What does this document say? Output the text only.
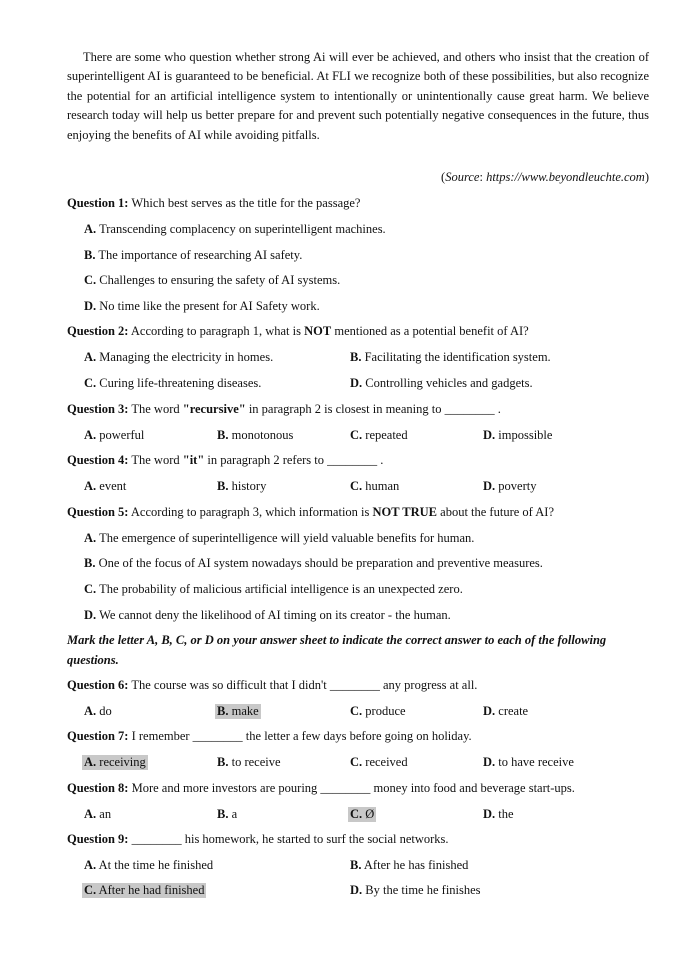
There are some who question whether strong Ai will ever be achieved, and others who insist that the creation of superintelligent AI is guaranteed to be beneficial. At FLI we recognize both of these possibilities, but also recognize the potential for an artificial intelligence system to intentionally or unintentionally cause great harm. We believe research today will help us better prepare for and prevent such potentially negative consequences in the future, thus enjoying the benefits of AI while avoiding pitfalls.

(Source: https://www.beyondleuchte.com)
Question 1: Which best serves as the title for the passage?
A. Transcending complacency on superintelligent machines.
B. The importance of researching AI safety.
C. Challenges to ensuring the safety of AI systems.
D. No time like the present for AI Safety work.
Question 2: According to paragraph 1, what is NOT mentioned as a potential benefit of AI?
A. Managing the electricity in homes.	B. Facilitating the identification system.
C. Curing life-threatening diseases.	D. Controlling vehicles and gadgets.
Question 3: The word "recursive" in paragraph 2 is closest in meaning to ________ .
A. powerful	B. monotonous	C. repeated	D. impossible
Question 4: The word "it" in paragraph 2 refers to ________ .
A. event	B. history	C. human	D. poverty
Question 5: According to paragraph 3, which information is NOT TRUE about the future of AI?
A. The emergence of superintelligence will yield valuable benefits for human.
B. One of the focus of AI system nowadays should be preparation and preventive measures.
C. The probability of malicious artificial intelligence is an unexpected zero.
D. We cannot deny the likelihood of AI timing on its creator - the human.

Mark the letter A, B, C, or D on your answer sheet to indicate the correct answer to each of the following questions.

Question 6: The course was so difficult that I didn't ________ any progress at all.
A. do	B. make	C. produce	D. create
Question 7: I remember ________ the letter a few days before going on holiday.
A. receiving	B. to receive	C. received	D. to have receive
Question 8: More and more investors are pouring ________ money into food and beverage start-ups.
A. an	B. a	C. Ø	D. the
Question 9: ________ his homework, he started to surf the social networks.
A. At the time he finished	B. After he has finished
C. After he had finished	D. By the time he finishes
